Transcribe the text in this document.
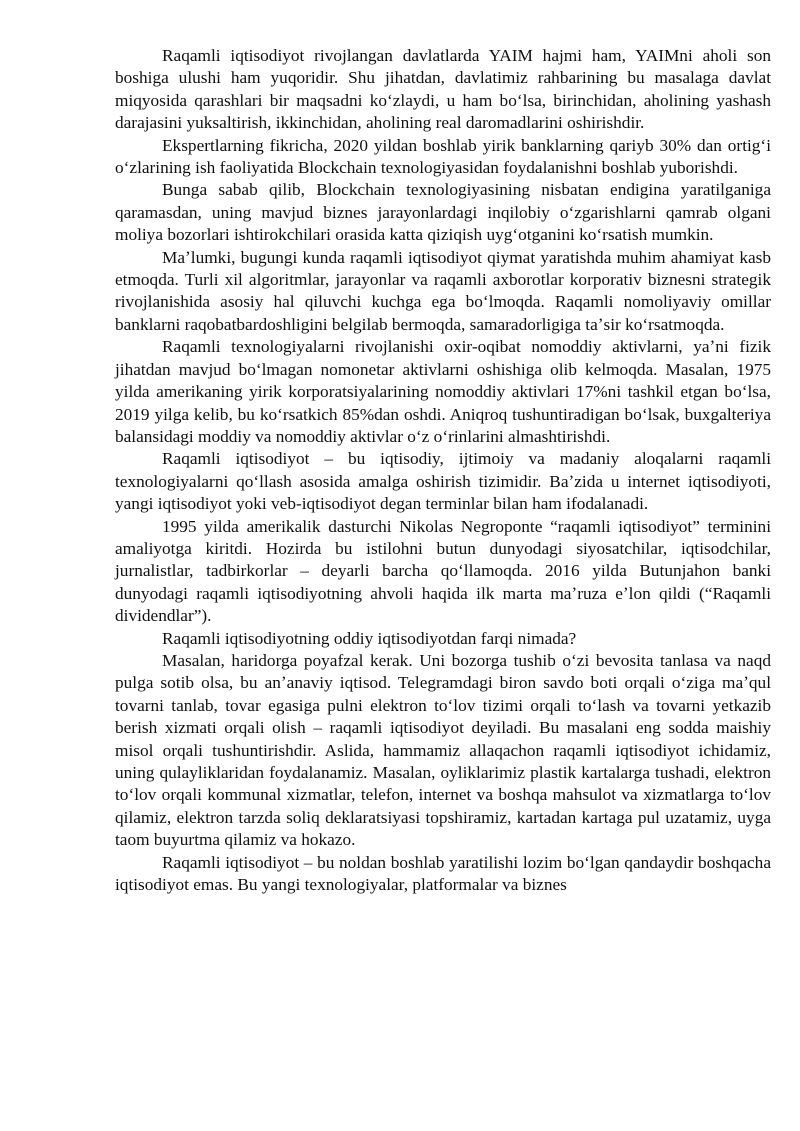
Raqamli iqtisodiyot rivojlangan davlatlarda YAIM hajmi ham, YAIMni aholi son boshiga ulushi ham yuqoridir. Shu jihatdan, davlatimiz rahbarining bu masalaga davlat miqyosida qarashlari bir maqsadni koʻzlaydi, u ham boʻlsa, birinchidan, aholining yashash darajasini yuksaltirish, ikkinchidan, aholining real daromadlarini oshirishdir.

Ekspertlarning fikricha, 2020 yildan boshlab yirik banklarning qariyb 30% dan ortigʻi oʻzlarining ish faoliyatida Blockchain texnologiyasidan foydalanishni boshlab yuborishdi.

Bunga sabab qilib, Blockchain texnologiyasining nisbatan endigina yaratilganiga qaramasdan, uning mavjud biznes jarayonlardagi inqilobiy oʻzgarishlarni qamrab olgani moliya bozorlari ishtirokchilari orasida katta qiziqish uygʻotganini koʻrsatish mumkin.

Maʼlumki, bugungi kunda raqamli iqtisodiyot qiymat yaratishda muhim ahamiyat kasb etmoqda. Turli xil algoritmlar, jarayonlar va raqamli axborotlar korporativ biznesni strategik rivojlanishida asosiy hal qiluvchi kuchga ega boʻlmoqda. Raqamli nomoliyaviy omillar banklarni raqobatbardoshligini belgilab bermoqda, samaradorligiga taʼsir koʻrsatmoqda.

Raqamli texnologiyalarni rivojlanishi oxir-oqibat nomoddiy aktivlarni, yaʼni fizik jihatdan mavjud boʻlmagan nomonetar aktivlarni oshishiga olib kelmoqda. Masalan, 1975 yilda amerikaning yirik korporatsiyalarining nomoddiy aktivlari 17%ni tashkil etgan boʻlsa, 2019 yilga kelib, bu koʻrsatkich 85%dan oshdi. Aniqroq tushuntiradigan boʻlsak, buxgalteriya balansidagi moddiy va nomoddiy aktivlar oʻz oʻrinlarini almashtirishdi.

Raqamli iqtisodiyot – bu iqtisodiy, ijtimoiy va madaniy aloqalarni raqamli texnologiyalarni qoʻllash asosida amalga oshirish tizimidir. Baʼzida u internet iqtisodiyoti, yangi iqtisodiyot yoki veb-iqtisodiyot degan terminlar bilan ham ifodalanadi.

1995 yilda amerikalik dasturchi Nikolas Negroponte “raqamli iqtisodiyot” terminini amaliyotga kiritdi. Hozirda bu istilohni butun dunyodagi siyosatchilar, iqtisodchilar, jurnalistlar, tadbirkorlar – deyarli barcha qoʻllamoqda. 2016 yilda Butunjahon banki dunyodagi raqamli iqtisodiyotning ahvoli haqida ilk marta maʼruza eʼlon qildi (“Raqamli dividendlar”).

Raqamli iqtisodiyotning oddiy iqtisodiyotdan farqi nimada?

Masalan, haridorga poyafzal kerak. Uni bozorga tushib oʻzi bevosita tanlasa va naqd pulga sotib olsa, bu anʼanaviy iqtisod. Telegramdagi biron savdo boti orqali oʻziga maʼqul tovarni tanlab, tovar egasiga pulni elektron toʻlov tizimi orqali toʻlash va tovarni yetkazib berish xizmati orqali olish – raqamli iqtisodiyot deyiladi. Bu masalani eng sodda maishiy misol orqali tushuntirishdir. Aslida, hammamiz allaqachon raqamli iqtisodiyot ichidamiz, uning qulayliklaridan foydalanamiz. Masalan, oyliklarimiz plastik kartalarga tushadi, elektron toʻlov orqali kommunal xizmatlar, telefon, internet va boshqa mahsulot va xizmatlarga toʻlov qilamiz, elektron tarzda soliq deklaratsiyasi topshiramiz, kartadan kartaga pul uzatamiz, uyga taom buyurtma qilamiz va hokazo.

Raqamli iqtisodiyot – bu noldan boshlab yaratilishi lozim boʻlgan qandaydir boshqacha iqtisodiyot emas. Bu yangi texnologiyalar, platformalar va biznes
